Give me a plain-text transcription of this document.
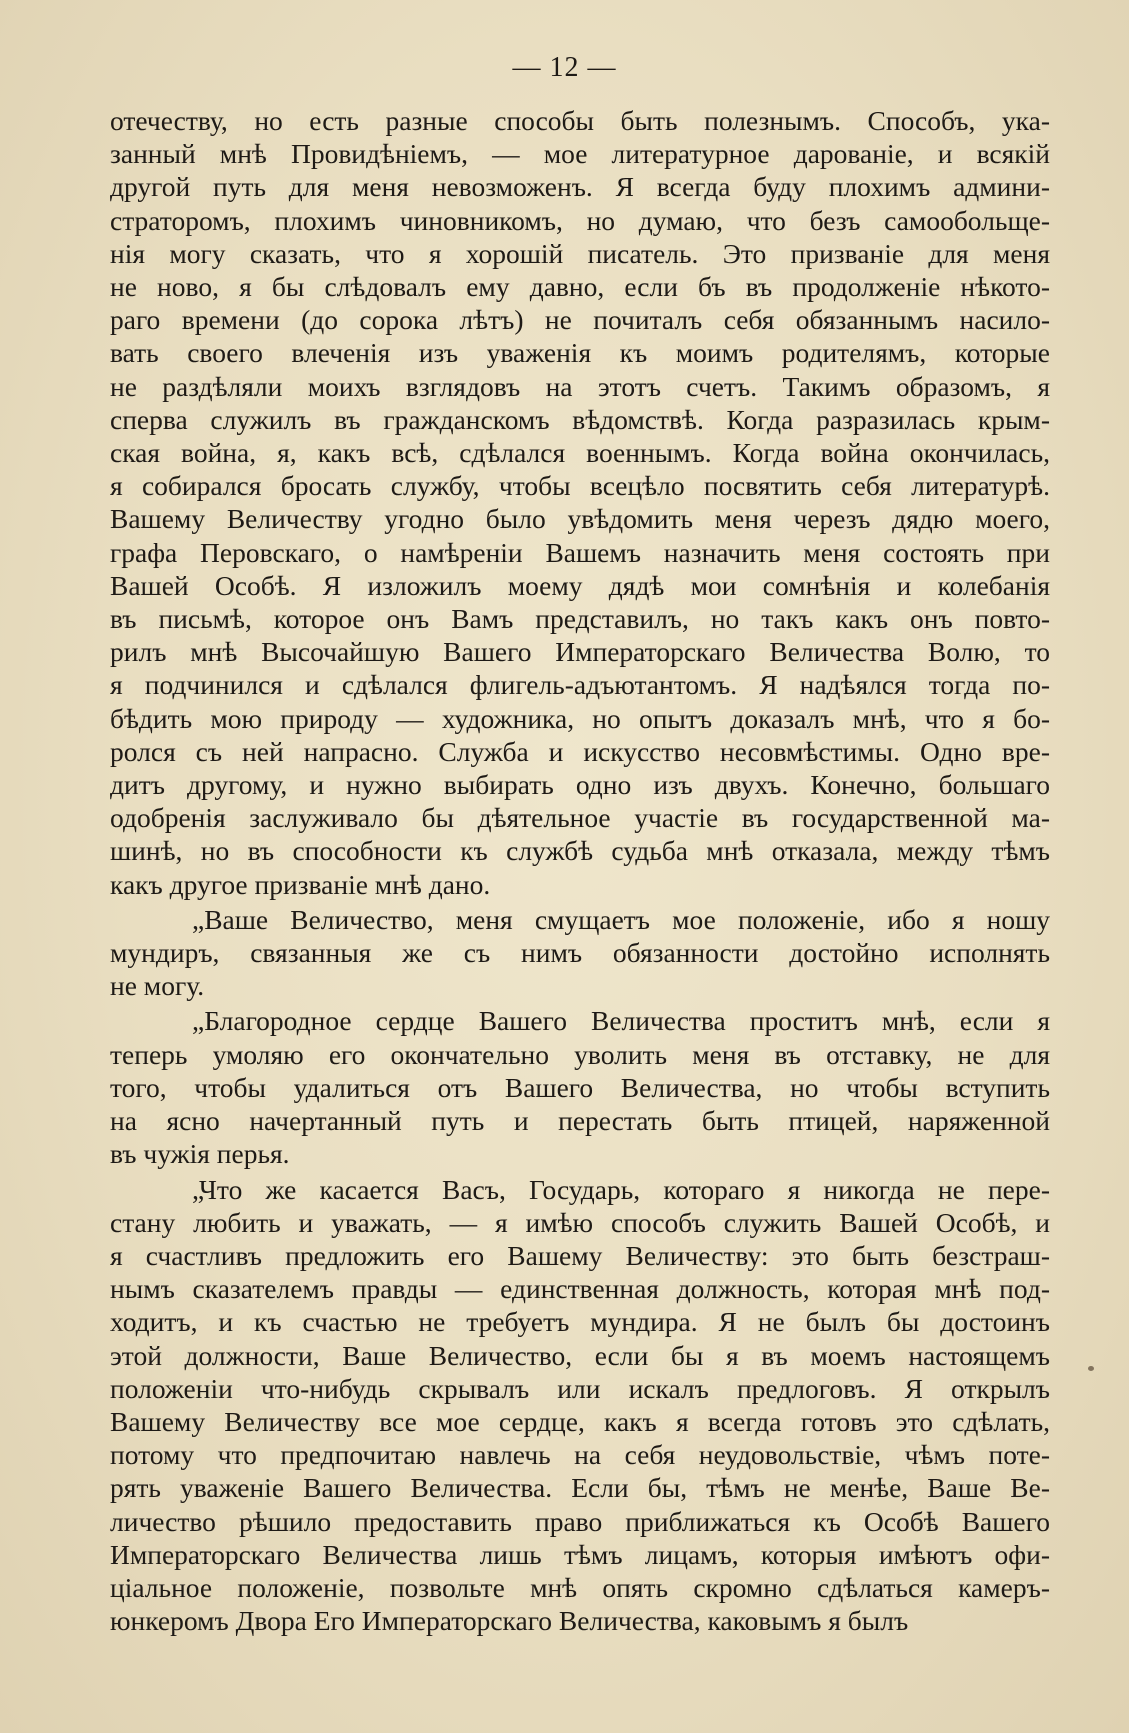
— 12 —
отечеству, но есть разные способы быть полезнымъ. Способъ, ука-
занный мнѣ Провидѣніемъ, — мое литературное дарованіе, и всякій
другой путь для меня невозможенъ. Я всегда буду плохимъ админи-
страторомъ, плохимъ чиновникомъ, но думаю, что безъ самообольще-
нія могу сказать, что я хорошій писатель. Это призваніе для меня
не ново, я бы слѣдовалъ ему давно, если бъ въ продолженіе нѣкото-
раго времени (до сорока лѣтъ) не почиталъ себя обязаннымъ насило-
вать своего влеченія изъ уваженія къ моимъ родителямъ, которые
не раздѣляли моихъ взглядовъ на этотъ счетъ. Такимъ образомъ, я
сперва служилъ въ гражданскомъ вѣдомствѣ. Когда разразилась крым-
ская война, я, какъ всѣ, сдѣлался военнымъ. Когда война окончилась,
я собирался бросать службу, чтобы всецѣло посвятить себя литературѣ.
Вашему Величеству угодно было увѣдомить меня черезъ дядю моего,
графа Перовскаго, о намѣреніи Вашемъ назначить меня состоять при
Вашей Особѣ. Я изложилъ моему дядѣ мои сомнѣнія и колебанія
въ письмѣ, которое онъ Вамъ представилъ, но такъ какъ онъ повто-
рилъ мнѣ Высочайшую Вашего Императорскаго Величества Волю, то
я подчинился и сдѣлался флигель-адъютантомъ. Я надѣялся тогда по-
бѣдить мою природу — художника, но опытъ доказалъ мнѣ, что я бо-
ролся съ ней напрасно. Служба и искусство несовмѣстимы. Одно вре-
дитъ другому, и нужно выбирать одно изъ двухъ. Конечно, большаго
одобренія заслуживало бы дѣятельное участіе въ государственной ма-
шинѣ, но въ способности къ службѣ судьба мнѣ отказала, между тѣмъ
какъ другое призваніе мнѣ дано.
„Ваше Величество, меня смущаетъ мое положеніе, ибо я ношу
мундиръ, связанныя же съ нимъ обязанности достойно исполнять
не могу.
„Благородное сердце Вашего Величества проститъ мнѣ, если я
теперь умоляю его окончательно уволить меня въ отставку, не для
того, чтобы удалиться отъ Вашего Величества, но чтобы вступить
на ясно начертанный путь и перестать быть птицей, наряженной
въ чужія перья.
„Что же касается Васъ, Государь, котораго я никогда не пере-
стану любить и уважать, — я имѣю способъ служить Вашей Особѣ, и
я счастливъ предложить его Вашему Величеству: это быть безстраш-
нымъ сказателемъ правды — единственная должность, которая мнѣ под-
ходитъ, и къ счастью не требуетъ мундира. Я не былъ бы достоинъ
этой должности, Ваше Величество, если бы я въ моемъ настоящемъ
положеніи что-нибудь скрывалъ или искалъ предлоговъ. Я открылъ
Вашему Величеству все мое сердце, какъ я всегда готовъ это сдѣлать,
потому что предпочитаю навлечь на себя неудовольствіе, чѣмъ поте-
рять уваженіе Вашего Величества. Если бы, тѣмъ не менѣе, Ваше Ве-
личество рѣшило предоставить право приближаться къ Особѣ Вашего
Императорскаго Величества лишь тѣмъ лицамъ, которыя имѣютъ офи-
ціальное положеніе, позвольте мнѣ опять скромно сдѣлаться камеръ-
юнкеромъ Двора Его Императорскаго Величества, каковымъ я былъ
